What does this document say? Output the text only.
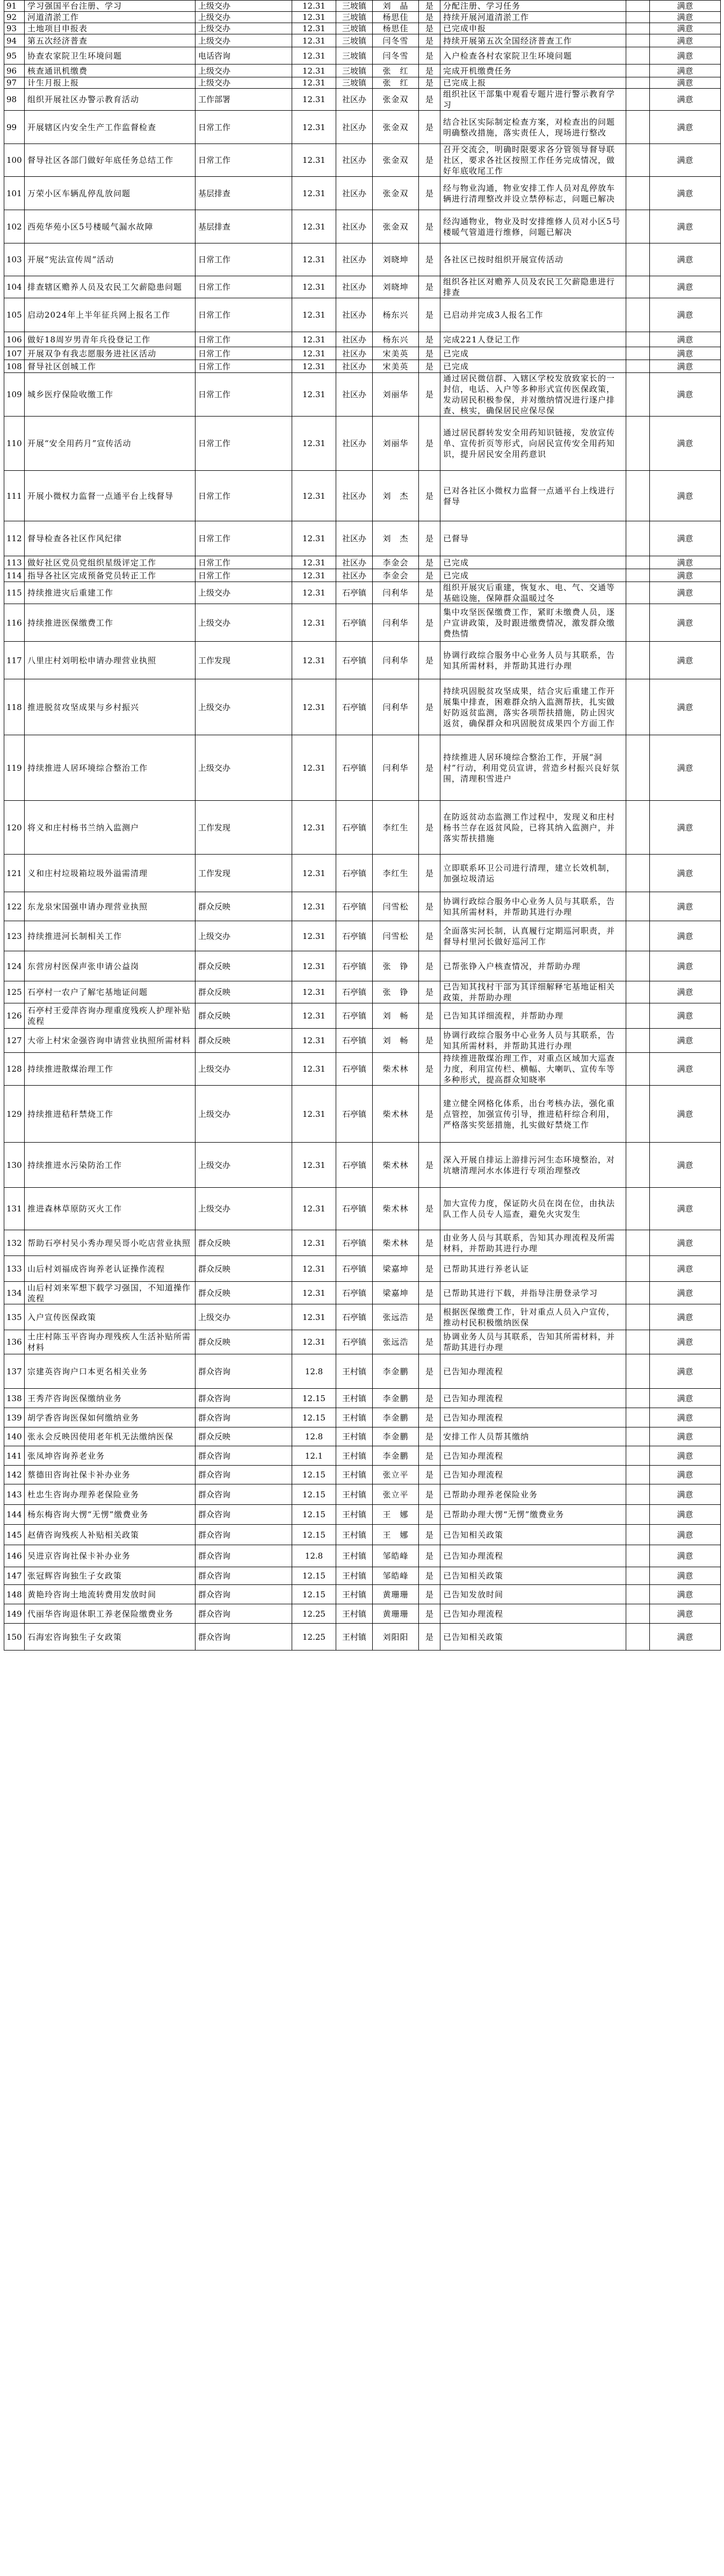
91	学习强国平台注册、学习	上级交办	12.31	三坡镇	刘　晶	是	分配注册、学习任务		满意
92	河道清淤工作	上级交办	12.31	三坡镇	杨思佳	是	持续开展河道清淤工作		满意
93	土地项目申报表	上级交办	12.31	三坡镇	杨思佳	是	已完成申报		满意
94	第五次经济普查	上级交办	12.31	三坡镇	闫冬雪	是	持续开展第五次全国经济普查工作		满意
95	协查农家院卫生环境问题	电话咨询	12.31	三坡镇	闫冬雪	是	入户检查各村农家院卫生环境问题		满意
96	核查通讯机缴费	上级交办	12.31	三坡镇	张　红	是	完成开机缴费任务		满意
97	计生月报上报	上级交办	12.31	三坡镇	张　红	是	已完成上报		满意
98	组织开展社区办警示教育活动	工作部署	12.31	社区办	张金双	是	组织社区干部集中观看专题片进行警示教育学习		满意
99	开展辖区内安全生产工作监督检查	日常工作	12.31	社区办	张金双	是	结合社区实际制定检查方案，对检查出的问题明确整改措施，落实责任人，现场进行整改		满意
100	督导社区各部门做好年底任务总结工作	日常工作	12.31	社区办	张金双	是	召开交流会，明确时限要求各分管领导督导联社区，要求各社区按照工作任务完成情况，做好年底收尾工作		满意
101	万荣小区车辆乱停乱放问题	基层排查	12.31	社区办	张金双	是	经与物业沟通，物业安排工作人员对乱停放车辆进行清理整改并设立禁停标志，问题已解决		满意
102	西苑华苑小区5号楼暖气漏水故障	基层排查	12.31	社区办	张金双	是	经沟通物业，物业及时安排维修人员对小区5号楼暖气管道进行维修，问题已解决		满意
103	开展“宪法宣传周”活动	日常工作	12.31	社区办	刘晓坤	是	各社区已按时组织开展宣传活动		满意
104	排查辖区赡养人员及农民工欠薪隐患问题	日常工作	12.31	社区办	刘晓坤	是	组织各社区对赡养人员及农民工欠薪隐患进行排查		满意
105	启动2024年上半年征兵网上报名工作	日常工作	12.31	社区办	杨东兴	是	已启动并完成3人报名工作		满意
106	做好18周岁男青年兵役登记工作	日常工作	12.31	社区办	杨东兴	是	完成221人登记工作		满意
107	开展双争有我志愿服务进社区活动	日常工作	12.31	社区办	宋美英	是	已完成		满意
108	督导社区创城工作	日常工作	12.31	社区办	宋美英	是	已完成		满意
109	城乡医疗保险收缴工作	日常工作	12.31	社区办	刘丽华	是	通过居民微信群、入辖区学校发放致家长的一封信，电话、入户等多种形式宣传医保政策，发动居民积极参保，并对缴纳情况进行逐户排查、核实，确保居民应保尽保		满意
110	开展“安全用药月”宣传活动	日常工作	12.31	社区办	刘丽华	是	通过居民群转发安全用药知识链接，发放宣传单、宣传折页等形式，向居民宣传安全用药知识，提升居民安全用药意识		满意
111	开展小微权力监督一点通平台上线督导	日常工作	12.31	社区办	刘　杰	是	已对各社区小微权力监督一点通平台上线进行督导		满意
112	督导检查各社区作风纪律	日常工作	12.31	社区办	刘　杰	是	已督导		满意
113	做好社区党员党组织星级评定工作	日常工作	12.31	社区办	李金会	是	已完成		满意
114	指导各社区完成预备党员转正工作	日常工作	12.31	社区办	李金会	是	已完成		满意
115	持续推进灾后重建工作	上级交办	12.31	石亭镇	闫利华	是	组织开展灾后重建，恢复水、电、气、交通等基础设施，保障群众温暖过冬		满意
116	持续推进医保缴费工作	上级交办	12.31	石亭镇	闫利华	是	集中攻坚医保缴费工作，紧盯未缴费人员，逐户宣讲政策，及时跟进缴费情况，激发群众缴费热情		满意
117	八里庄村刘明松申请办理营业执照	工作发现	12.31	石亭镇	闫利华	是	协调行政综合服务中心业务人员与其联系，告知其所需材料，并帮助其进行办理		满意
118	推进脱贫攻坚成果与乡村振兴	上级交办	12.31	石亭镇	闫利华	是	持续巩固脱贫攻坚成果，结合灾后重建工作开展集中排查，困难群众纳入监测帮扶，扎实做好防返贫监测，落实各项帮扶措施，防止因灾返贫，确保群众和巩固脱贫成果四个方面工作		满意
119	持续推进人居环境综合整治工作	上级交办	12.31	石亭镇	闫利华	是	持续推进人居环境综合整治工作，开展“洞村”行动，利用党员宣讲，营造乡村振兴良好氛围，清理积雪进户		满意
120	将义和庄村杨书兰纳入监测户	工作发现	12.31	石亭镇	李红生	是	在防返贫动态监测工作过程中，发现义和庄村杨书兰存在返贫风险，已将其纳入监测户，并落实帮扶措施		满意
121	义和庄村垃圾箱垃圾外溢需清理	工作发现	12.31	石亭镇	李红生	是	立即联系环卫公司进行清理，建立长效机制，加强垃圾清运		满意
122	东龙泉宋国强申请办理营业执照	群众反映	12.31	石亭镇	闫雪松	是	协调行政综合服务中心业务人员与其联系，告知其所需材料，并帮助其进行办理		满意
123	持续推进河长制相关工作	上级交办	12.31	石亭镇	闫雪松	是	全面落实河长制，认真履行定期巡河职责，并督导村里河长做好巡河工作		满意
124	东营房村医保声张申请公益岗	群众反映	12.31	石亭镇	张　铮	是	已帮张铮入户核查情况，并帮助办理		满意
125	石亭村一农户了解宅基地证问题	群众反映	12.31	石亭镇	张　铮	是	已告知其找村干部为其详细解释宅基地证相关政策，并帮助办理		满意
126	石亭村王爱萍咨询办理重度残疾人护理补贴流程	群众反映	12.31	石亭镇	刘　畅	是	已告知其详细流程，并帮助办理		满意
127	大帝上村宋金强咨询申请营业执照所需材料	群众反映	12.31	石亭镇	刘　畅	是	协调行政综合服务中心业务人员与其联系，告知其所需材料，并帮助其进行办理		满意
128	持续推进散煤治理工作	上级交办	12.31	石亭镇	柴术林	是	持续推进散煤治理工作，对重点区域加大巡查力度，利用宣传栏、横幅、大喇叭、宣传车等多种形式，提高群众知晓率		满意
129	持续推进秸秆禁烧工作	上级交办	12.31	石亭镇	柴术林	是	建立健全网格化体系，出台考核办法，强化重点管控，加强宣传引导，推进秸秆综合利用，严格落实奖惩措施，扎实做好禁烧工作		满意
130	持续推进水污染防治工作	上级交办	12.31	石亭镇	柴术林	是	深入开展自排运上游排污河生态环境整治，对坑塘清理河水水体进行专项治理整改		满意
131	推进森林草原防灭火工作	上级交办	12.31	石亭镇	柴术林	是	加大宣传力度，保证防火员在岗在位，由执法队工作人员专人巡查，避免火灾发生		满意
132	帮助石亭村吴小秀办理吴哥小吃店营业执照	群众反映	12.31	石亭镇	柴术林	是	由业务人员与其联系，告知其办理流程及所需材料，并帮助其进行办理		满意
133	山后村刘福成咨询养老认证操作流程	群众反映	12.31	石亭镇	梁嘉坤	是	已帮助其进行养老认证		满意
134	山后村刘来军想下载学习强国，不知道操作流程	群众反映	12.31	石亭镇	梁嘉坤	是	已帮助其进行下载，并指导注册登录学习		满意
135	入户宣传医保政策	上级交办	12.31	石亭镇	张远浩	是	根据医保缴费工作，针对重点人员入户宣传，推动村民积极缴纳医保		满意
136	土庄村陈玉平咨询办理残疾人生活补贴所需材料	群众反映	12.31	石亭镇	张远浩	是	协调业务人员与其联系，告知其所需材料，并帮助其进行办理		满意
137	宗建英咨询户口本更名相关业务	群众咨询	12.8	王村镇	李金鹏	是	已告知办理流程		满意
138	王秀芹咨询医保缴纳业务	群众咨询	12.15	王村镇	李金鹏	是	已告知办理流程		满意
139	胡学香咨询医保如何缴纳业务	群众咨询	12.15	王村镇	李金鹏	是	已告知办理流程		满意
140	张永会反映因使用老年机无法缴纳医保	群众反映	12.8	王村镇	李金鹏	是	安排工作人员帮其缴纳		满意
141	张凤坤咨询养老业务	群众咨询	12.1	王村镇	李金鹏	是	已告知办理流程		满意
142	蔡德田咨询社保卡补办业务	群众咨询	12.15	王村镇	张立平	是	已告知办理流程		满意
143	杜忠生咨询办理养老保险业务	群众咨询	12.15	王村镇	张立平	是	已帮助办理养老保险业务		满意
144	杨东梅咨询大愣“无愣”缴费业务	群众咨询	12.15	王村镇	王　娜	是	已帮助办理大愣“无愣”缴费业务		满意
145	赵倩咨询残疾人补贴相关政策	群众咨询	12.15	王村镇	王　娜	是	已告知相关政策		满意
146	吴进京咨询社保卡补办业务	群众咨询	12.8	王村镇	邹皓峰	是	已告知办理流程		满意
147	张冠辉咨询独生子女政策	群众咨询	12.15	王村镇	邹皓峰	是	已告知相关政策		满意
148	黄艳玲咨询土地流转费用发放时间	群众咨询	12.15	王村镇	黄珊珊	是	已告知发放时间		满意
149	代丽华咨询退休职工养老保险缴费业务	群众咨询	12.25	王村镇	黄珊珊	是	已告知办理流程		满意
150	石海宏咨询独生子女政策	群众咨询	12.25	王村镇	刘阳阳	是	已告知相关政策		满意
